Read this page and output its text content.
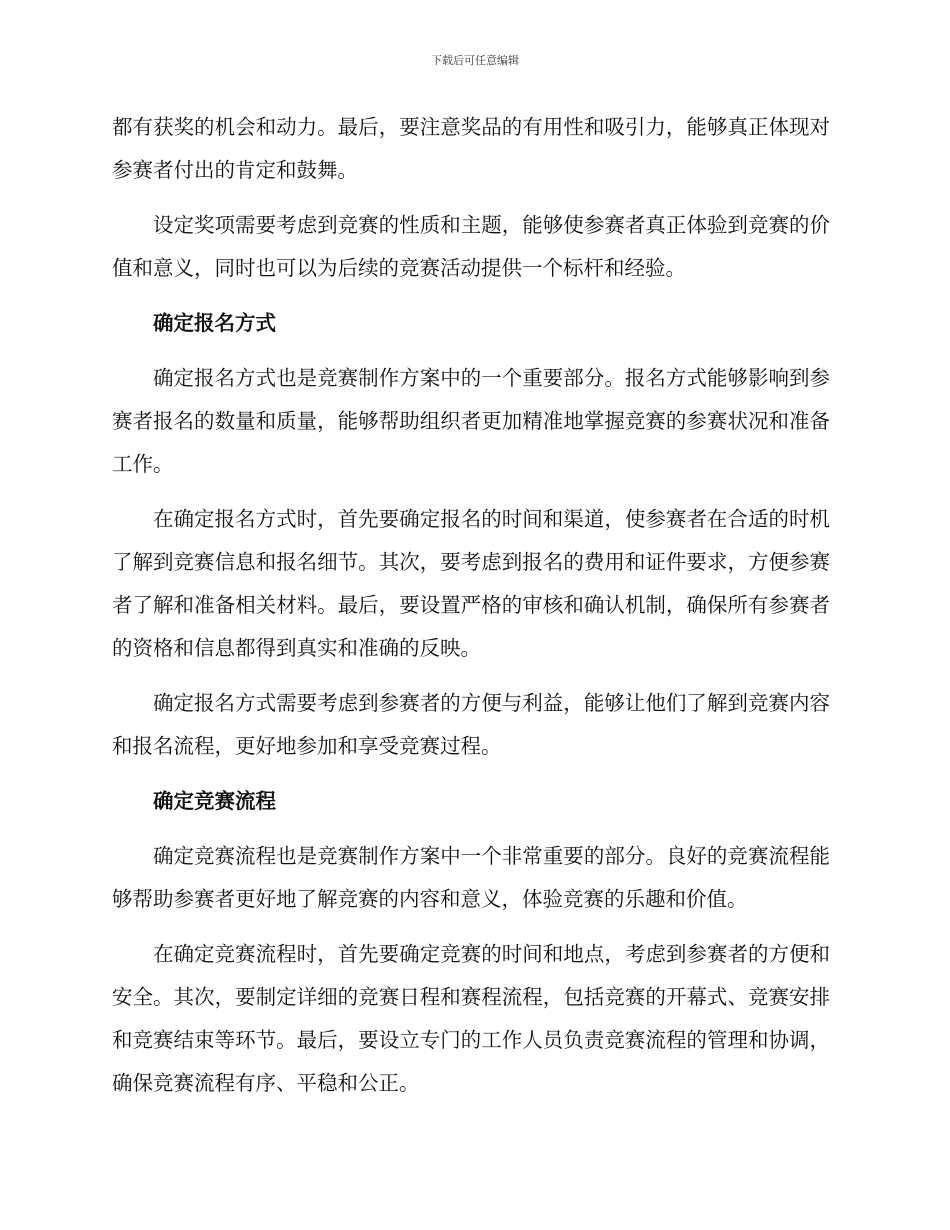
下载后可任意编辑

都有获奖的机会和动力。最后，要注意奖品的有用性和吸引力，能够真正体现对参赛者付出的肯定和鼓舞。

设定奖项需要考虑到竞赛的性质和主题，能够使参赛者真正体验到竞赛的价值和意义，同时也可以为后续的竞赛活动提供一个标杆和经验。

确定报名方式

确定报名方式也是竞赛制作方案中的一个重要部分。报名方式能够影响到参赛者报名的数量和质量，能够帮助组织者更加精准地掌握竞赛的参赛状况和准备工作。

在确定报名方式时，首先要确定报名的时间和渠道，使参赛者在合适的时机了解到竞赛信息和报名细节。其次，要考虑到报名的费用和证件要求，方便参赛者了解和准备相关材料。最后，要设置严格的审核和确认机制，确保所有参赛者的资格和信息都得到真实和准确的反映。

确定报名方式需要考虑到参赛者的方便与利益，能够让他们了解到竞赛内容和报名流程，更好地参加和享受竞赛过程。

确定竞赛流程

确定竞赛流程也是竞赛制作方案中一个非常重要的部分。良好的竞赛流程能够帮助参赛者更好地了解竞赛的内容和意义，体验竞赛的乐趣和价值。

在确定竞赛流程时，首先要确定竞赛的时间和地点，考虑到参赛者的方便和安全。其次，要制定详细的竞赛日程和赛程流程，包括竞赛的开幕式、竞赛安排和竞赛结束等环节。最后，要设立专门的工作人员负责竞赛流程的管理和协调，确保竞赛流程有序、平稳和公正。
